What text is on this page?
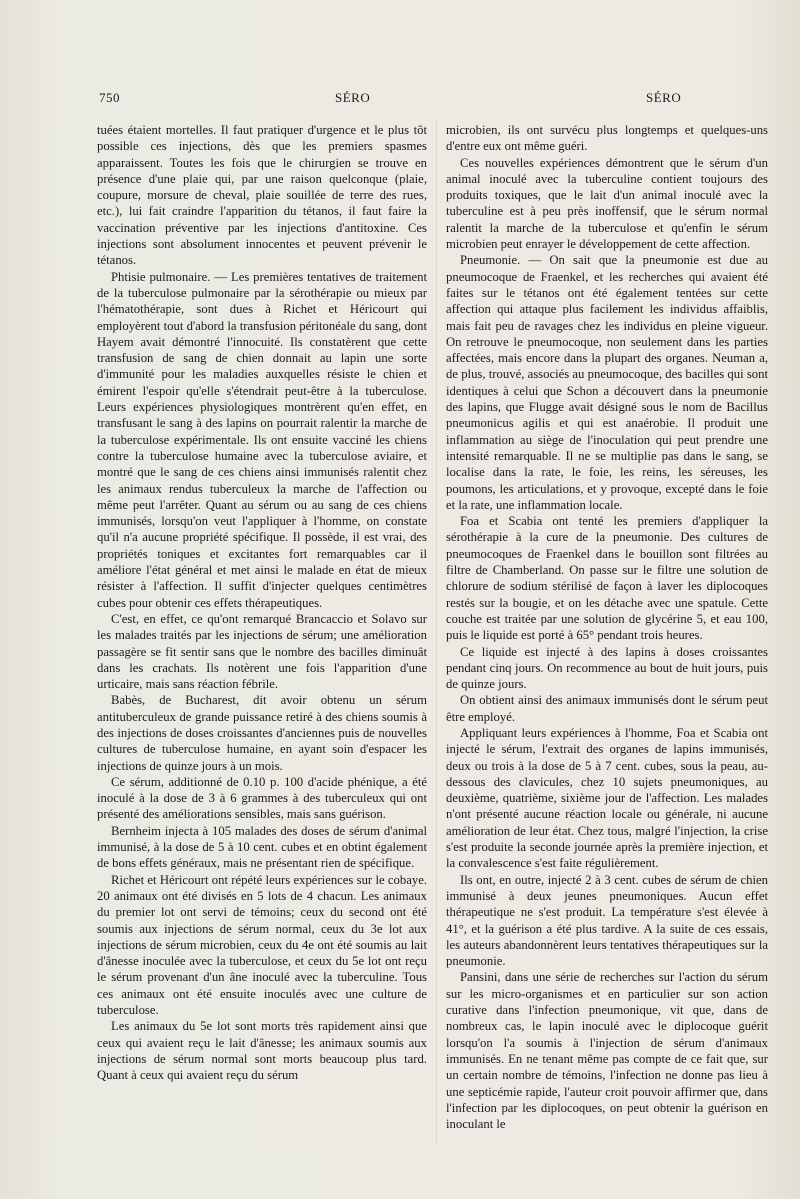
750	SÉRO	SÉRO

tuées étaient mortelles. Il faut pratiquer d'urgence et le plus tôt possible ces injections, dès que les premiers spasmes apparaissent. Toutes les fois que le chirurgien se trouve en présence d'une plaie qui, par une raison quelconque (plaie, coupure, morsure de cheval, plaie souillée de terre des rues, etc.), lui fait craindre l'apparition du tétanos, il faut faire la vaccination préventive par les injections d'antitoxine. Ces injections sont absolument innocentes et peuvent prévenir le tétanos.

Phtisie pulmonaire. — Les premières tentatives de traitement de la tuberculose pulmonaire par la sérothérapie ou mieux par l'hématothérapie, sont dues à Richet et Héricourt qui employèrent tout d'abord la transfusion péritonéale du sang, dont Hayem avait démontré l'innocuité. Ils constatèrent que cette transfusion de sang de chien donnait au lapin une sorte d'immunité pour les maladies auxquelles résiste le chien et émirent l'espoir qu'elle s'étendrait peut-être à la tuberculose. Leurs expériences physiologiques montrèrent qu'en effet, en transfusant le sang à des lapins on pourrait ralentir la marche de la tuberculose expérimentale. Ils ont ensuite vacciné les chiens contre la tuberculose humaine avec la tuberculose aviaire, et montré que le sang de ces chiens ainsi immunisés ralentit chez les animaux rendus tuberculeux la marche de l'affection ou même peut l'arrêter. Quant au sérum ou au sang de ces chiens immunisés, lorsqu'on veut l'appliquer à l'homme, on constate qu'il n'a aucune propriété spécifique. Il possède, il est vrai, des propriétés toniques et excitantes fort remarquables car il améliore l'état général et met ainsi le malade en état de mieux résister à l'affection. Il suffit d'injecter quelques centimètres cubes pour obtenir ces effets thérapeutiques.

C'est, en effet, ce qu'ont remarqué Brancaccio et Solavo sur les malades traités par les injections de sérum; une amélioration passagère se fit sentir sans que le nombre des bacilles diminuât dans les crachats. Ils notèrent une fois l'apparition d'une urticaire, mais sans réaction fébrile.

Babès, de Bucharest, dit avoir obtenu un sérum antituberculeux de grande puissance retiré à des chiens soumis à des injections de doses croissantes d'anciennes puis de nouvelles cultures de tuberculose humaine, en ayant soin d'espacer les injections de quinze jours à un mois.

Ce sérum, additionné de 0.10 p. 100 d'acide phénique, a été inoculé à la dose de 3 à 6 grammes à des tuberculeux qui ont présenté des améliorations sensibles, mais sans guérison.

Bernheim injecta à 105 malades des doses de sérum d'animal immunisé, à la dose de 5 à 10 cent. cubes et en obtint également de bons effets généraux, mais ne présentant rien de spécifique.

Richet et Héricourt ont répété leurs expériences sur le cobaye. 20 animaux ont été divisés en 5 lots de 4 chacun. Les animaux du premier lot ont servi de témoins; ceux du second ont été soumis aux injections de sérum normal, ceux du 3e lot aux injections de sérum microbien, ceux du 4e ont été soumis au lait d'ânesse inoculée avec la tuberculose, et ceux du 5e lot ont reçu le sérum provenant d'un âne inoculé avec la tuberculine. Tous ces animaux ont été ensuite inoculés avec une culture de tuberculose.

Les animaux du 5e lot sont morts très rapidement ainsi que ceux qui avaient reçu le lait d'ânesse; les animaux soumis aux injections de sérum normal sont morts beaucoup plus tard. Quant à ceux qui avaient reçu du sérum

microbien, ils ont survécu plus longtemps et quelques-uns d'entre eux ont même guéri.

Ces nouvelles expériences démontrent que le sérum d'un animal inoculé avec la tuberculine contient toujours des produits toxiques, que le lait d'un animal inoculé avec la tuberculine est à peu près inoffensif, que le sérum normal ralentit la marche de la tuberculose et qu'enfin le sérum microbien peut enrayer le développement de cette affection.

Pneumonie. — On sait que la pneumonie est due au pneumocoque de Fraenkel, et les recherches qui avaient été faites sur le tétanos ont été également tentées sur cette affection qui attaque plus facilement les individus affaiblis, mais fait peu de ravages chez les individus en pleine vigueur. On retrouve le pneumocoque, non seulement dans les parties affectées, mais encore dans la plupart des organes. Neuman a, de plus, trouvé, associés au pneumocoque, des bacilles qui sont identiques à celui que Schon a découvert dans la pneumonie des lapins, que Flugge avait désigné sous le nom de Bacillus pneumonicus agilis et qui est anaérobie. Il produit une inflammation au siège de l'inoculation qui peut prendre une intensité remarquable. Il ne se multiplie pas dans le sang, se localise dans la rate, le foie, les reins, les séreuses, les poumons, les articulations, et y provoque, excepté dans le foie et la rate, une inflammation locale.

Foa et Scabia ont tenté les premiers d'appliquer la sérothérapie à la cure de la pneumonie. Des cultures de pneumocoques de Fraenkel dans le bouillon sont filtrées au filtre de Chamberland. On passe sur le filtre une solution de chlorure de sodium stérilisé de façon à laver les diplocoques restés sur la bougie, et on les détache avec une spatule. Cette couche est traitée par une solution de glycérine 5, et eau 100, puis le liquide est porté à 65° pendant trois heures.

Ce liquide est injecté à des lapins à doses croissantes pendant cinq jours. On recommence au bout de huit jours, puis de quinze jours.

On obtient ainsi des animaux immunisés dont le sérum peut être employé.

Appliquant leurs expériences à l'homme, Foa et Scabia ont injecté le sérum, l'extrait des organes de lapins immunisés, deux ou trois à la dose de 5 à 7 cent. cubes, sous la peau, au-dessous des clavicules, chez 10 sujets pneumoniques, au deuxième, quatrième, sixième jour de l'affection. Les malades n'ont présenté aucune réaction locale ou générale, ni aucune amélioration de leur état. Chez tous, malgré l'injection, la crise s'est produite la seconde journée après la première injection, et la convalescence s'est faite régulièrement.

Ils ont, en outre, injecté 2 à 3 cent. cubes de sérum de chien immunisé à deux jeunes pneumoniques. Aucun effet thérapeutique ne s'est produit. La température s'est élevée à 41°, et la guérison a été plus tardive. A la suite de ces essais, les auteurs abandonnèrent leurs tentatives thérapeutiques sur la pneumonie.

Pansini, dans une série de recherches sur l'action du sérum sur les micro-organismes et en particulier sur son action curative dans l'infection pneumonique, vit que, dans de nombreux cas, le lapin inoculé avec le diplocoque guérit lorsqu'on l'a soumis à l'injection de sérum d'animaux immunisés. En ne tenant même pas compte de ce fait que, sur un certain nombre de témoins, l'infection ne donne pas lieu à une septicémie rapide, l'auteur croit pouvoir affirmer que, dans l'infection par les diplocoques, on peut obtenir la guérison en inoculant le
